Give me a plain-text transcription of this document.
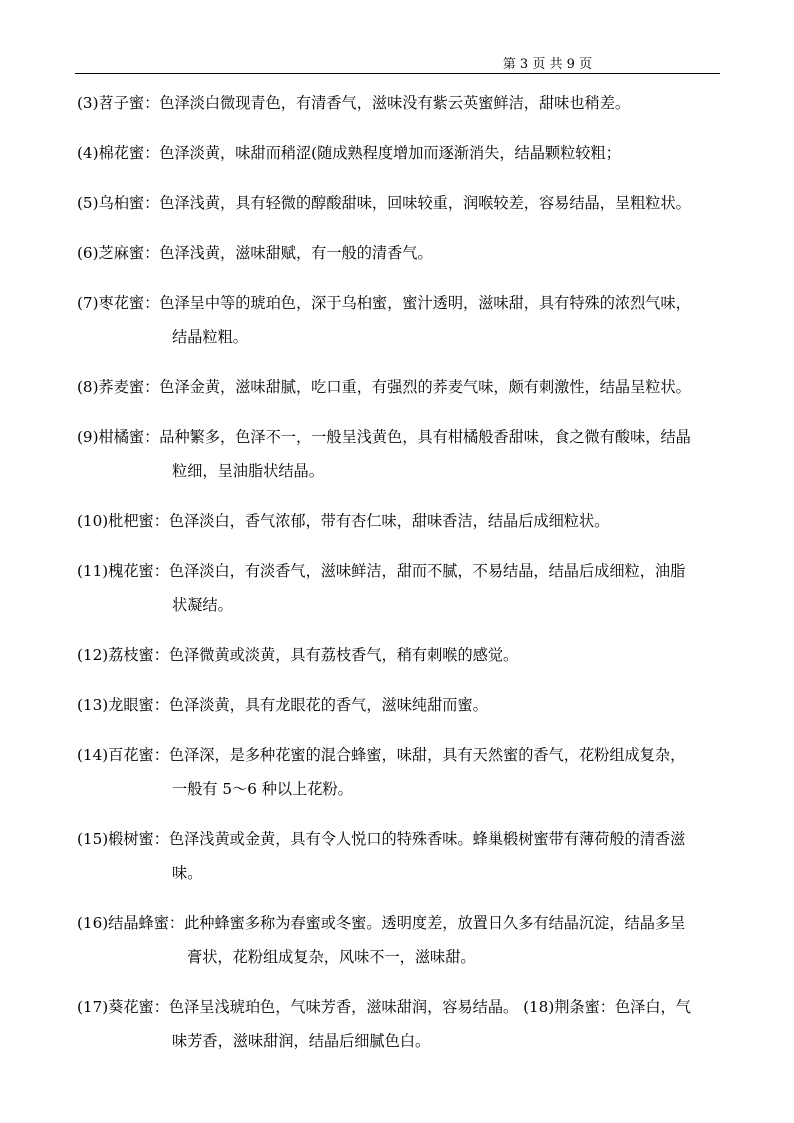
第 3 页 共 9 页
(3)苕子蜜：色泽淡白微现青色，有清香气，滋味没有紫云英蜜鲜洁，甜味也稍差。
(4)棉花蜜：色泽淡黄，味甜而稍涩(随成熟程度增加而逐渐消失，结晶颗粒较粗；
(5)乌桕蜜：色泽浅黄，具有轻微的醇酸甜味，回味较重，润喉较差，容易结晶，呈粗粒状。
(6)芝麻蜜：色泽浅黄，滋味甜赋，有一般的清香气。
(7)枣花蜜：色泽呈中等的琥珀色，深于乌桕蜜，蜜汁透明，滋味甜，具有特殊的浓烈气味，
结晶粒粗。
(8)荞麦蜜：色泽金黄，滋味甜腻，吃口重，有强烈的荞麦气味，颇有刺激性，结晶呈粒状。
(9)柑橘蜜：品种繁多，色泽不一，一般呈浅黄色，具有柑橘般香甜味，食之微有酸味，结晶
粒细，呈油脂状结晶。
(10)枇杷蜜：色泽淡白，香气浓郁，带有杏仁味，甜味香洁，结晶后成细粒状。
(11)槐花蜜：色泽淡白，有淡香气，滋味鲜洁，甜而不腻，不易结晶，结晶后成细粒，油脂
状凝结。
(12)荔枝蜜：色泽微黄或淡黄，具有荔枝香气，稍有刺喉的感觉。
(13)龙眼蜜：色泽淡黄，具有龙眼花的香气，滋味纯甜而蜜。
(14)百花蜜：色泽深，是多种花蜜的混合蜂蜜，味甜，具有天然蜜的香气，花粉组成复杂，
一般有 5～6 种以上花粉。
(15)椴树蜜：色泽浅黄或金黄，具有令人悦口的特殊香味。蜂巢椴树蜜带有薄荷般的清香滋
味。
(16)结晶蜂蜜：此种蜂蜜多称为春蜜或冬蜜。透明度差，放置日久多有结晶沉淀，结晶多呈
膏状，花粉组成复杂，风味不一，滋味甜。
(17)葵花蜜：色泽呈浅琥珀色，气味芳香，滋味甜润，容易结晶。 (18)荆条蜜：色泽白，气
味芳香，滋味甜润，结晶后细腻色白。
